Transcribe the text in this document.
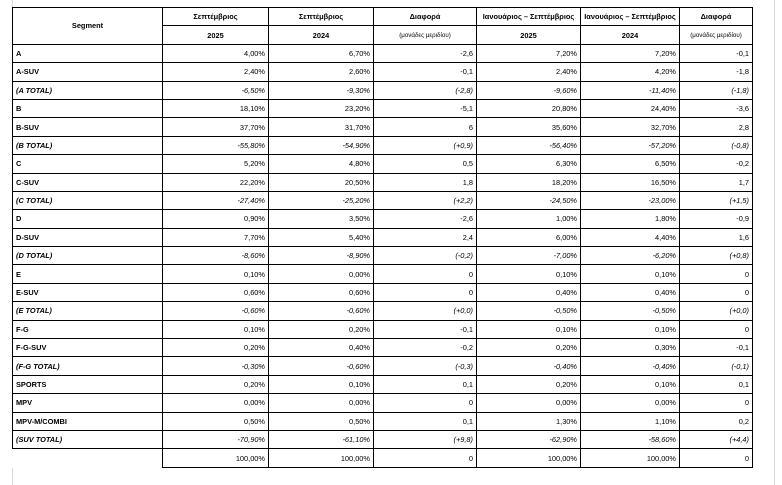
Segment	Σεπτέμβριος	Σεπτέμβριος	Διαφορά	Ιανουάριος – Σεπτέμβριος	Ιανουάριος – Σεπτέμβριος	Διαφορά
	2025	2024	(μονάδες μεριδίου)	2025	2024	(μονάδες μεριδίου)
A	4,00%	6,70%	-2,6	7,20%	7,20%	-0,1
A-SUV	2,40%	2,60%	-0,1	2,40%	4,20%	-1,8
(A TOTAL)	-6,50%	-9,30%	(-2,8)	-9,60%	-11,40%	(-1,8)
B	18,10%	23,20%	-5,1	20,80%	24,40%	-3,6
B-SUV	37,70%	31,70%	6	35,60%	32,70%	2,8
(B TOTAL)	-55,80%	-54,90%	(+0,9)	-56,40%	-57,20%	(-0,8)
C	5,20%	4,80%	0,5	6,30%	6,50%	-0,2
C-SUV	22,20%	20,50%	1,8	18,20%	16,50%	1,7
(C TOTAL)	-27,40%	-25,20%	(+2,2)	-24,50%	-23,00%	(+1,5)
D	0,90%	3,50%	-2,6	1,00%	1,80%	-0,9
D-SUV	7,70%	5,40%	2,4	6,00%	4,40%	1,6
(D TOTAL)	-8,60%	-8,90%	(-0,2)	-7,00%	-6,20%	(+0,8)
E	0,10%	0,00%	0	0,10%	0,10%	0
E-SUV	0,60%	0,60%	0	0,40%	0,40%	0
(E TOTAL)	-0,60%	-0,60%	(+0,0)	-0,50%	-0,50%	(+0,0)
F-G	0,10%	0,20%	-0,1	0,10%	0,10%	0
F-G-SUV	0,20%	0,40%	-0,2	0,20%	0,30%	-0,1
(F-G TOTAL)	-0,30%	-0,60%	(-0,3)	-0,40%	-0,40%	(-0,1)
SPORTS	0,20%	0,10%	0,1	0,20%	0,10%	0,1
MPV	0,00%	0,00%	0	0,00%	0,00%	0
MPV-M/COMBI	0,50%	0,50%	0,1	1,30%	1,10%	0,2
(SUV TOTAL)	-70,90%	-61,10%	(+9,8)	-62,90%	-58,60%	(+4,4)
	100,00%	100,00%	0	100,00%	100,00%	0
